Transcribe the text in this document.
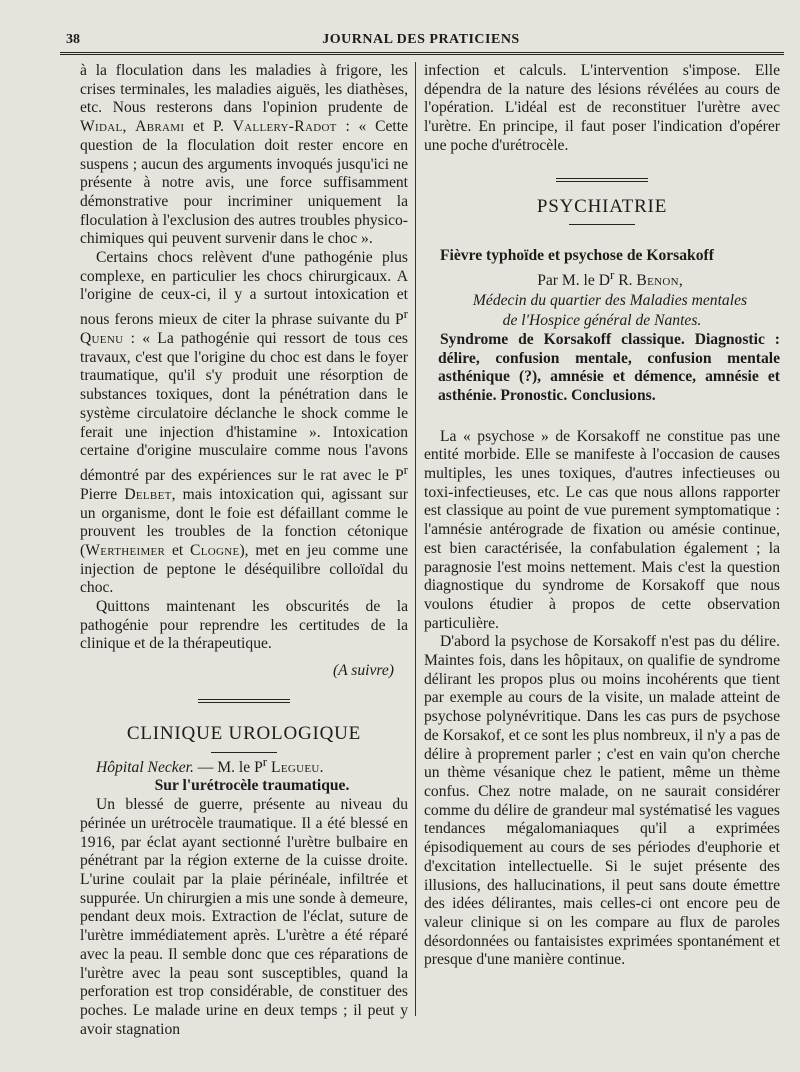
38	JOURNAL DES PRATICIENS

à la floculation dans les maladies à frigore, les crises terminales, les maladies aiguës, les diathèses, etc. Nous resterons dans l'opinion prudente de Widal, Abrami et P. Vallery-Radot : « Cette question de la floculation doit rester encore en suspens ; aucun des arguments invoqués jusqu'ici ne présente à notre avis, une force suffisamment démonstrative pour incriminer uniquement la floculation à l'exclusion des autres troubles physico-chimiques qui peuvent survenir dans le choc ».

Certains chocs relèvent d'une pathogénie plus complexe, en particulier les chocs chirurgicaux. A l'origine de ceux-ci, il y a surtout intoxication et nous ferons mieux de citer la phrase suivante du $P^r$ Quenu : « La pathogénie qui ressort de tous ces travaux, c'est que l'origine du choc est dans le foyer traumatique, qu'il s'y produit une résorption de substances toxiques, dont la pénétration dans le système circulatoire déclanche le shock comme le ferait une injection d'histamine ». Intoxication certaine d'origine musculaire comme nous l'avons démontré par des expériences sur le rat avec le $P^r$ Pierre Delbet, mais intoxication qui, agissant sur un organisme, dont le foie est défaillant comme le prouvent les troubles de la fonction cétonique (Wertheimer et Clogne), met en jeu comme une injection de peptone le déséquilibre colloïdal du choc.

Quittons maintenant les obscurités de la pathogénie pour reprendre les certitudes de la clinique et de la thérapeutique.

(A suivre)
CLINIQUE UROLOGIQUE

Hôpital Necker. — M. le $P^r$ Legueu.

Sur l'urétrocèle traumatique.

Un blessé de guerre, présente au niveau du périnée un urétrocèle traumatique. Il a été blessé en 1916, par éclat ayant sectionné l'urètre bulbaire en pénétrant par la région externe de la cuisse droite. L'urine coulait par la plaie périnéale, infiltrée et suppurée. Un chirurgien a mis une sonde à demeure, pendant deux mois. Extraction de l'éclat, suture de l'urètre immédiatement après. L'urètre a été réparé avec la peau. Il semble donc que ces réparations de l'urètre avec la peau sont susceptibles, quand la perforation est trop considérable, de constituer des poches. Le malade urine en deux temps ; il peut y avoir stagnation

infection et calculs. L'intervention s'impose. Elle dépendra de la nature des lésions révélées au cours de l'opération. L'idéal est de reconstituer l'urètre avec l'urètre. En principe, il faut poser l'indication d'opérer une poche d'urétrocèle.

PSYCHIATRIE

Fièvre typhoïde et psychose de Korsakoff

Par M. le $D^r$ R. Benon,

Médecin du quartier des Maladies mentales
de l'Hospice général de Nantes.

Syndrome de Korsakoff classique. Diagnostic : délire, confusion mentale, confusion mentale asthénique (?), amnésie et démence, amnésie et asthénie. Pronostic. Conclusions.

La « psychose » de Korsakoff ne constitue pas une entité morbide. Elle se manifeste à l'occasion de causes multiples, les unes toxiques, d'autres infectieuses ou toxi-infectieuses, etc. Le cas que nous allons rapporter est classique au point de vue purement symptomatique : l'amnésie antérograde de fixation ou amésie continue, est bien caractérisée, la confabulation également ; la paragnosie l'est moins nettement. Mais c'est la question diagnostique du syndrome de Korsakoff que nous voulons étudier à propos de cette observation particulière.

D'abord la psychose de Korsakoff n'est pas du délire. Maintes fois, dans les hôpitaux, on qualifie de syndrome délirant les propos plus ou moins incohérents que tient par exemple au cours de la visite, un malade atteint de psychose polynévritique. Dans les cas purs de psychose de Korsakof, et ce sont les plus nombreux, il n'y a pas de délire à proprement parler ; c'est en vain qu'on cherche un thème vésanique chez le patient, même un thème confus. Chez notre malade, on ne saurait considérer comme du délire de grandeur mal systématisé les vagues tendances mégalomaniaques qu'il a exprimées épisodiquement au cours de ses périodes d'euphorie et d'excitation intellectuelle. Si le sujet présente des illusions, des hallucinations, il peut sans doute émettre des idées délirantes, mais celles-ci ont encore peu de valeur clinique si on les compare au flux de paroles désordonnées ou fantaisistes exprimées spontanément et presque d'une manière continue.
